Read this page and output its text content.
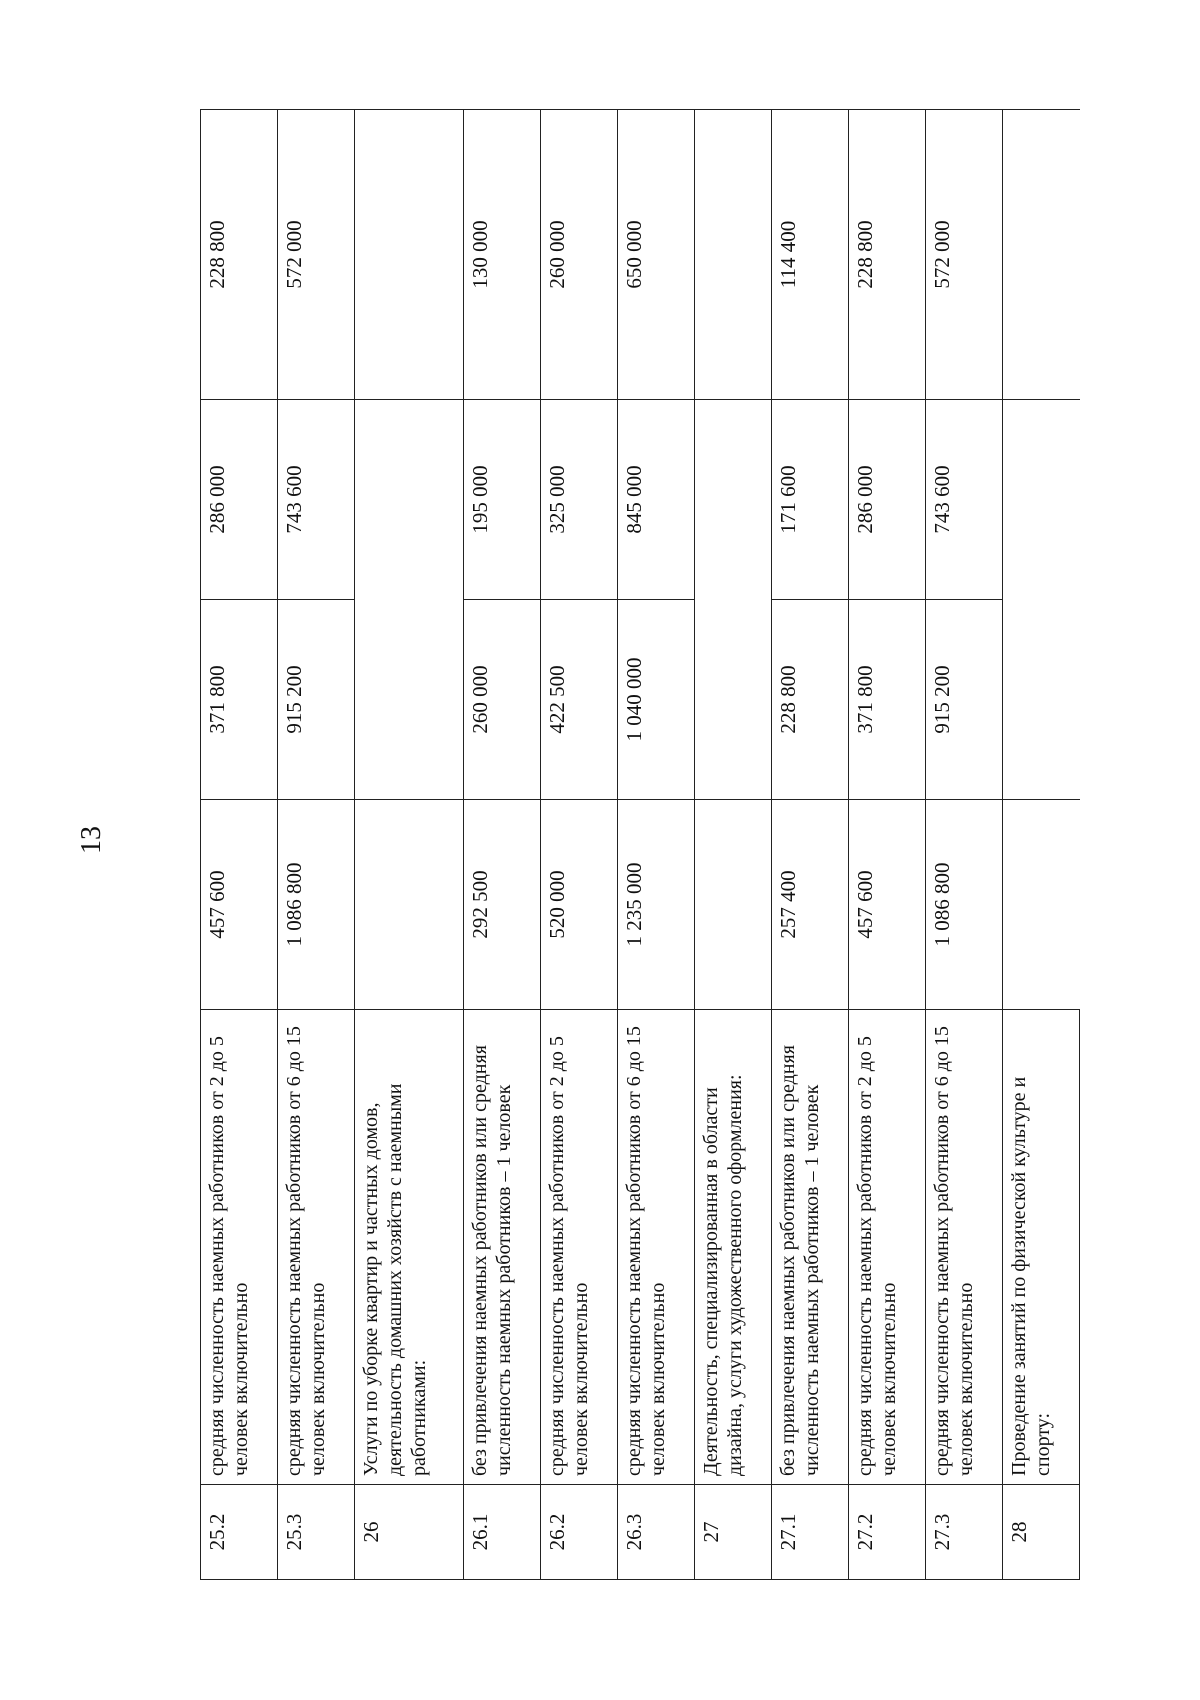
13
25.2	средняя численность наемных работников от 2 до 5 человек включительно	457 600	371 800	286 000	228 800
25.3	средняя численность наемных работников от 6 до 15 человек включительно	1 086 800	915 200	743 600	572 000
26	Услуги по уборке квартир и частных домов, деятельность домашних хозяйств с наемными работниками:				
26.1	без привлечения наемных работников или средняя численность наемных работников – 1 человек	292 500	260 000	195 000	130 000
26.2	средняя численность наемных работников от 2 до 5 человек включительно	520 000	422 500	325 000	260 000
26.3	средняя численность наемных работников от 6 до 15 человек включительно	1 235 000	1 040 000	845 000	650 000
27	Деятельность, специализированная в области дизайна, услуги художественного оформления:				
27.1	без привлечения наемных работников или средняя численность наемных работников – 1 человек	257 400	228 800	171 600	114 400
27.2	средняя численность наемных работников от 2 до 5 человек включительно	457 600	371 800	286 000	228 800
27.3	средняя численность наемных работников от 6 до 15 человек включительно	1 086 800	915 200	743 600	572 000
28	Проведение занятий по физической культуре и спорту:				
